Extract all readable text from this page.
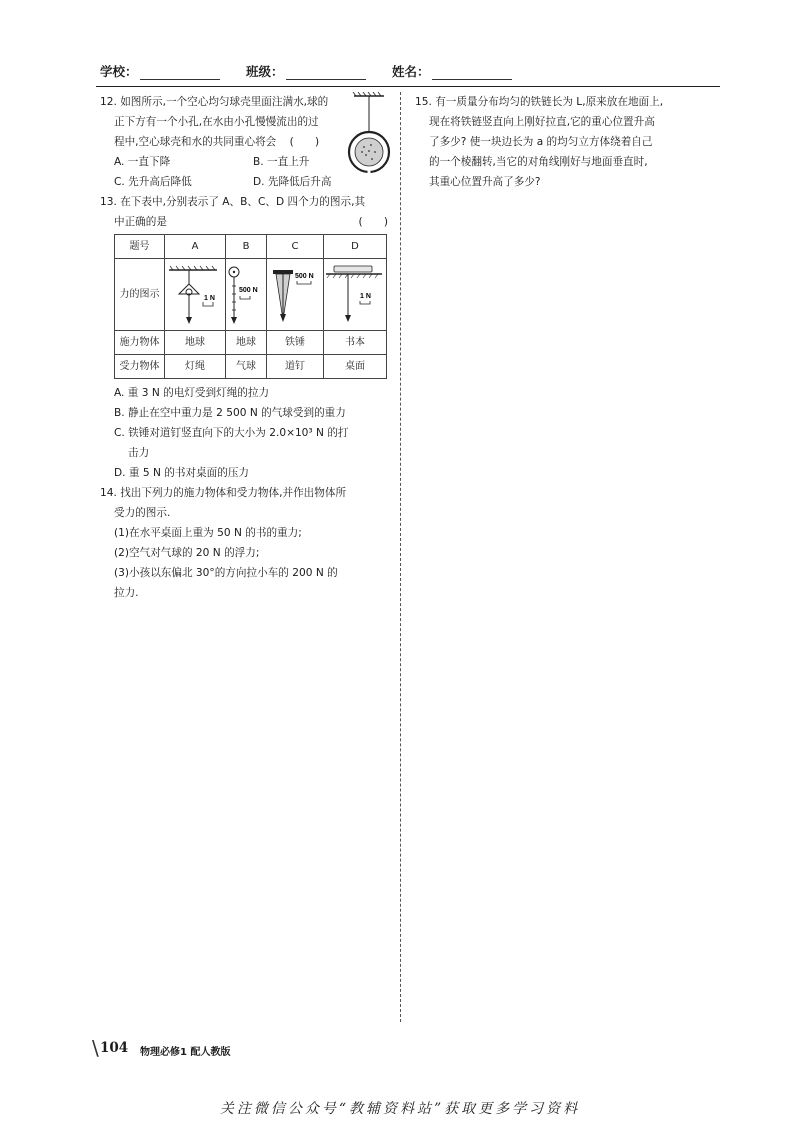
学校：	班级：	姓名：
12. 如图所示,一个空心均匀球壳里面注满水,球的
正下方有一个小孔,在水由小孔慢慢流出的过
程中,空心球壳和水的共同重心将会 (　　)
A. 一直下降	B. 一直上升
C. 先升高后降低	D. 先降低后升高
13. 在下表中,分别表示了 A、B、C、D 四个力的图示,其
中正确的是	(　　)
题号	A	B	C	D
力的图示	1 N	500 N	500 N	1 N

施力物体	地球	地球	铁锤	书本
受力物体	灯绳	气球	道钉	桌面
A. 重 3 N 的电灯受到灯绳的拉力
B. 静止在空中重力是 2 500 N 的气球受到的重力
C. 铁锤对道钉竖直向下的大小为 2.0×10³ N 的打
击力
D. 重 5 N 的书对桌面的压力
14. 找出下列力的施力物体和受力物体,并作出物体所
受力的图示.
(1)在水平桌面上重为 50 N 的书的重力;
(2)空气对气球的 20 N 的浮力;
(3)小孩以东偏北 30°的方向拉小车的 200 N 的
拉力.
15. 有一质量分布均匀的铁链长为 L,原来放在地面上,
现在将铁链竖直向上刚好拉直,它的重心位置升高
了多少? 使一块边长为 a 的均匀立方体绕着自己
的一个棱翻转,当它的对角线刚好与地面垂直时,
其重心位置升高了多少?
\ 104 物理必修1 配人教版
关注微信公众号“教辅资料站”获取更多学习资料
